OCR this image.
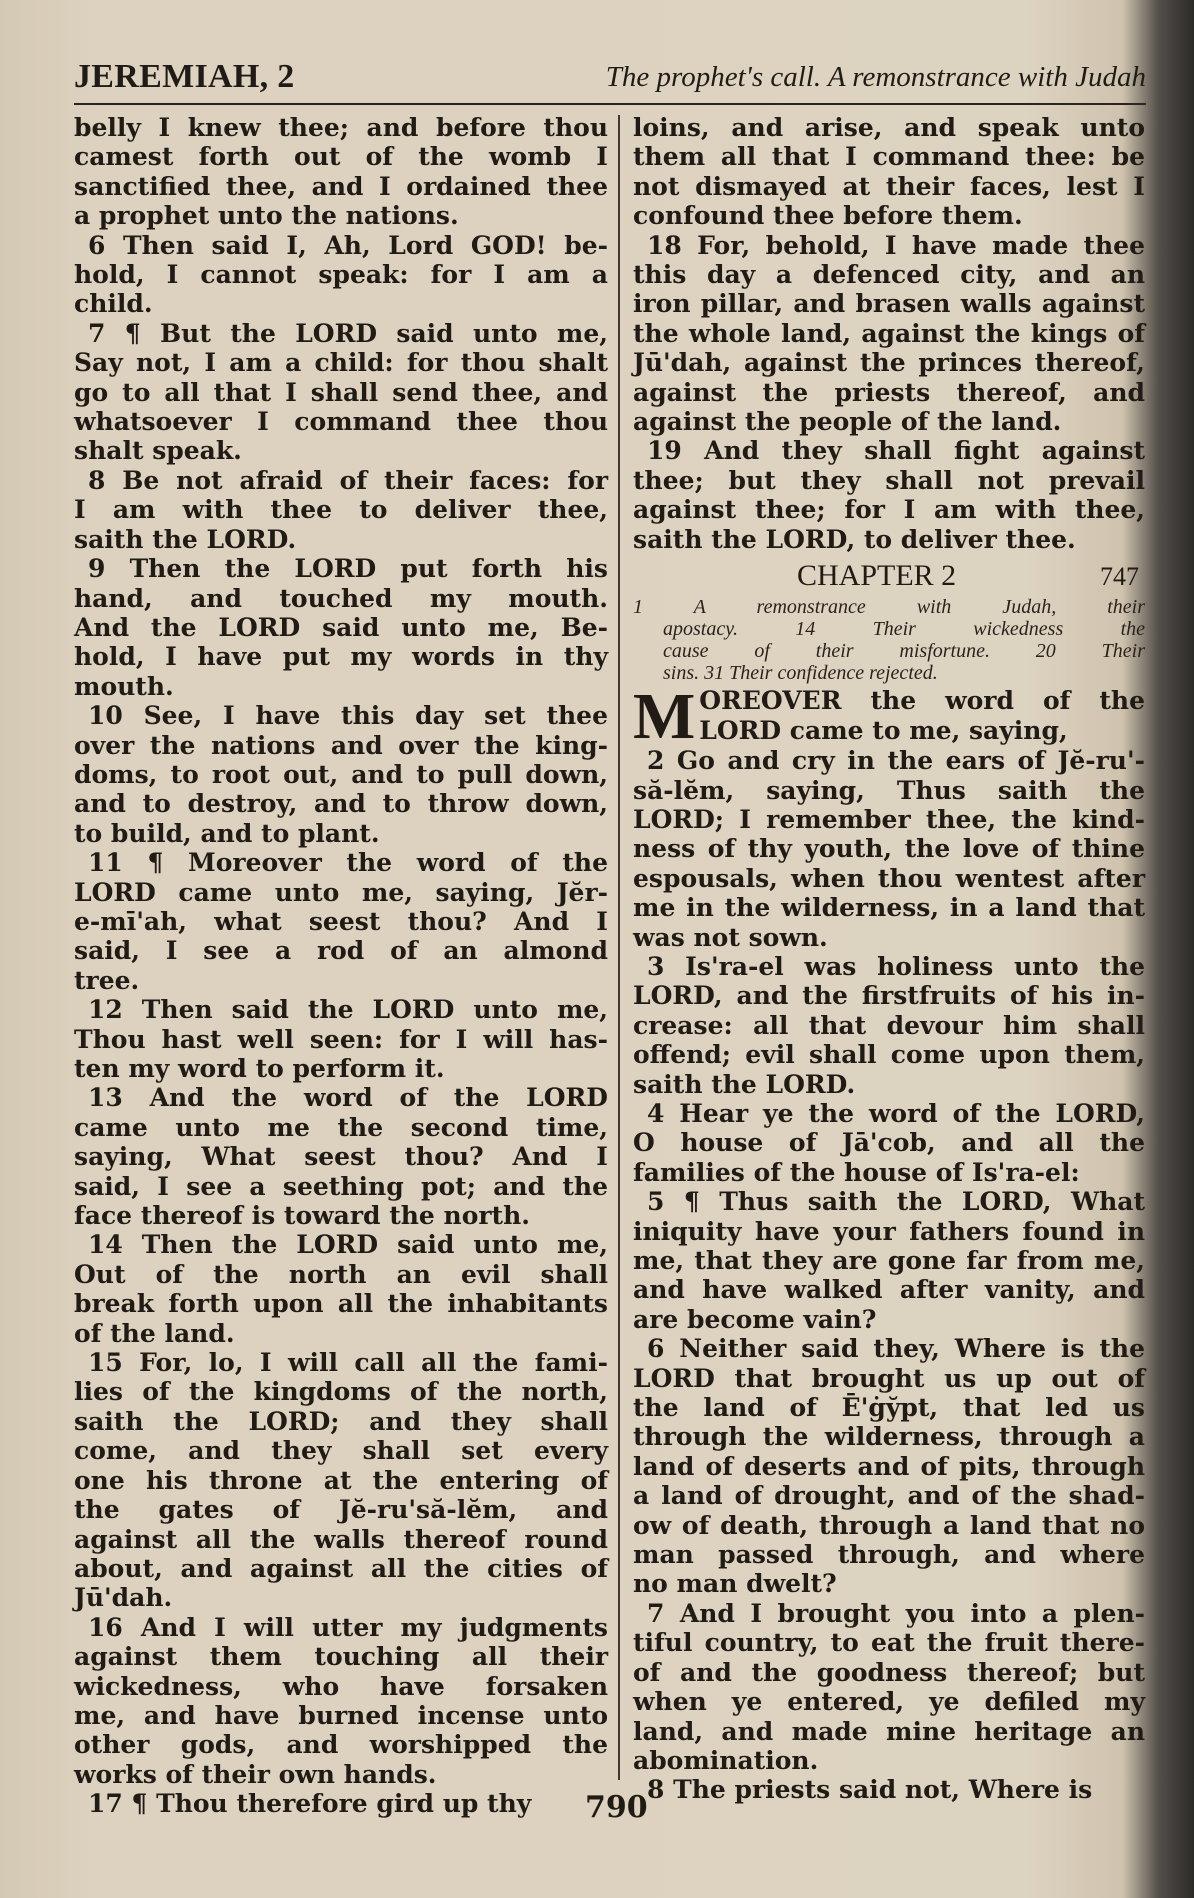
JEREMIAH, 2	The prophet's call. A remonstrance with Judah
belly I knew thee; and before thou
camest forth out of the womb I
sanctified thee, and I ordained thee
a prophet unto the nations.
6 Then said I, Ah, Lord GOD! be-
hold, I cannot speak: for I am a
child.
7 ¶ But the LORD said unto me,
Say not, I am a child: for thou shalt
go to all that I shall send thee, and
whatsoever I command thee thou
shalt speak.
8 Be not afraid of their faces: for
I am with thee to deliver thee,
saith the LORD.
9 Then the LORD put forth his
hand, and touched my mouth.
And the LORD said unto me, Be-
hold, I have put my words in thy
mouth.
10 See, I have this day set thee
over the nations and over the king-
doms, to root out, and to pull down,
and to destroy, and to throw down,
to build, and to plant.
11 ¶ Moreover the word of the
LORD came unto me, saying, Jĕr-
e-mī'ah, what seest thou? And I
said, I see a rod of an almond
tree.
12 Then said the LORD unto me,
Thou hast well seen: for I will has-
ten my word to perform it.
13 And the word of the LORD
came unto me the second time,
saying, What seest thou? And I
said, I see a seething pot; and the
face thereof is toward the north.
14 Then the LORD said unto me,
Out of the north an evil shall
break forth upon all the inhabitants
of the land.
15 For, lo, I will call all the fami-
lies of the kingdoms of the north,
saith the LORD; and they shall
come, and they shall set every
one his throne at the entering of
the gates of Jĕ-ru'să-lĕm, and
against all the walls thereof round
about, and against all the cities of
Jū'dah.
16 And I will utter my judgments
against them touching all their
wickedness, who have forsaken
me, and have burned incense unto
other gods, and worshipped the
works of their own hands.
17 ¶ Thou therefore gird up thy
loins, and arise, and speak unto
them all that I command thee: be
not dismayed at their faces, lest I
confound thee before them.
18 For, behold, I have made thee
this day a defenced city, and an
iron pillar, and brasen walls against
the whole land, against the kings of
Jū'dah, against the princes thereof,
against the priests thereof, and
against the people of the land.
19 And they shall fight against
thee; but they shall not prevail
against thee; for I am with thee,
saith the LORD, to deliver thee.
CHAPTER 2	747
1 A remonstrance with Judah, their
apostacy. 14 Their wickedness the
cause of their misfortune. 20 Their
sins. 31 Their confidence rejected.
M OREOVER the word of the
LORD came to me, saying,
2 Go and cry in the ears of Jĕ-ru'-
să-lĕm, saying, Thus saith the
LORD; I remember thee, the kind-
ness of thy youth, the love of thine
espousals, when thou wentest after
me in the wilderness, in a land that
was not sown.
3 Is'ra-el was holiness unto the
LORD, and the firstfruits of his in-
crease: all that devour him shall
offend; evil shall come upon them,
saith the LORD.
4 Hear ye the word of the LORD,
O house of Jā'cob, and all the
families of the house of Is'ra-el:
5 ¶ Thus saith the LORD, What
iniquity have your fathers found in
me, that they are gone far from me,
and have walked after vanity, and
are become vain?
6 Neither said they, Where is the
LORD that brought us up out of
the land of Ē'ġy̆pt, that led us
through the wilderness, through a
land of deserts and of pits, through
a land of drought, and of the shad-
ow of death, through a land that no
man passed through, and where
no man dwelt?
7 And I brought you into a plen-
tiful country, to eat the fruit there-
of and the goodness thereof; but
when ye entered, ye defiled my
land, and made mine heritage an
abomination.
8 The priests said not, Where is
790
